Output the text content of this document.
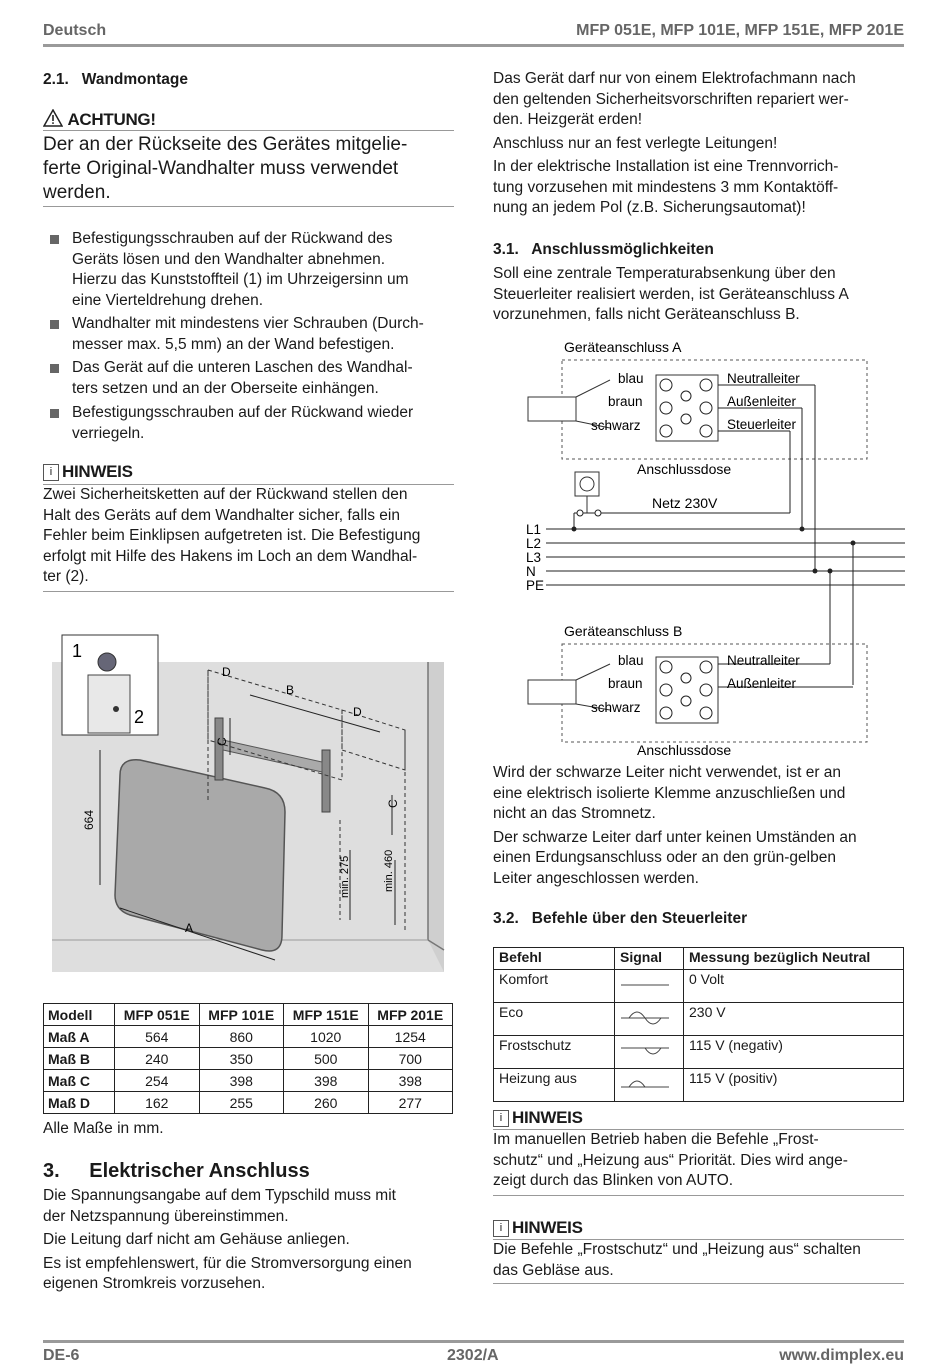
Deutsch	MFP 051E, MFP 101E, MFP 151E, MFP 201E
2.1.   Wandmontage
ACHTUNG!
Der an der Rückseite des Gerätes mitgelie-
ferte Original-Wandhalter muss verwendet
werden.
Befestigungsschrauben auf der Rückwand des
Geräts lösen und den Wandhalter abnehmen.
Hierzu das Kunststoffteil (1) im Uhrzeigersinn um
eine Vierteldrehung drehen.
Wandhalter mit mindestens vier Schrauben (Durch-
messer max. 5,5 mm) an der Wand befestigen.
Das Gerät auf die unteren Laschen des Wandhal-
ters setzen und an der Oberseite einhängen.
Befestigungsschrauben auf der Rückwand wieder
verriegeln.
i HINWEIS
Zwei Sicherheitsketten auf der Rückwand stellen den
Halt des Geräts auf dem Wandhalter sicher, falls ein
Fehler beim Einklipsen aufgetreten ist. Die Befestigung
erfolgt mit Hilfe des Hakens im Loch an dem Wandhal-
ter (2).
664
A
B
D
D
C
C
min. 275	min. 460
1
2
Modell	MFP 051E	MFP 101E	MFP 151E	MFP 201E
Maß A	564	860	1020	1254
Maß B	240	350	500	700
Maß C	254	398	398	398
Maß D	162	255	260	277
Alle Maße in mm.
3. Elektrischer Anschluss
Die Spannungsangabe auf dem Typschild muss mit
der Netzspannung übereinstimmen.
Die Leitung darf nicht am Gehäuse anliegen.
Es ist empfehlenswert, für die Stromversorgung einen
eigenen Stromkreis vorzusehen.
Das Gerät darf nur von einem Elektrofachmann nach
den geltenden Sicherheitsvorschriften repariert wer-
den. Heizgerät erden!
Anschluss nur an fest verlegte Leitungen!
In der elektrische Installation ist eine Trennvorrich-
tung vorzusehen mit mindestens 3 mm Kontaktöff-
nung an jedem Pol (z.B. Sicherungsautomat)!
3.1.   Anschlussmöglichkeiten
Soll eine zentrale Temperaturabsenkung über den
Steuerleiter realisiert werden, ist Geräteanschluss A
vorzunehmen, falls nicht Geräteanschluss B.
Geräteanschluss A
blau
braun
schwarz
Neutralleiter
Außenleiter
Steuerleiter
Anschlussdose
Netz 230V
L1
L2
L3
N
PE
Geräteanschluss B
blau
braun
schwarz
Neutralleiter
Außenleiter
Anschlussdose
Wird der schwarze Leiter nicht verwendet, ist er an
eine elektrisch isolierte Klemme anzuschließen und
nicht an das Stromnetz.
Der schwarze Leiter darf unter keinen Umständen an
einen Erdungsanschluss oder an den grün-gelben
Leiter angeschlossen werden.
3.2.   Befehle über den Steuerleiter
Befehl	Signal	Messung bezüglich Neutral
Komfort		0 Volt
Eco		230 V
Frostschutz		115 V (negativ)
Heizung aus		115 V (positiv)
i HINWEIS
Im manuellen Betrieb haben die Befehle „Frost-
schutz“ und „Heizung aus“ Priorität. Dies wird ange-
zeigt durch das Blinken von AUTO.
i HINWEIS
Die Befehle „Frostschutz“ und „Heizung aus“ schalten
das Gebläse aus.
DE-6	2302/A	www.dimplex.eu
